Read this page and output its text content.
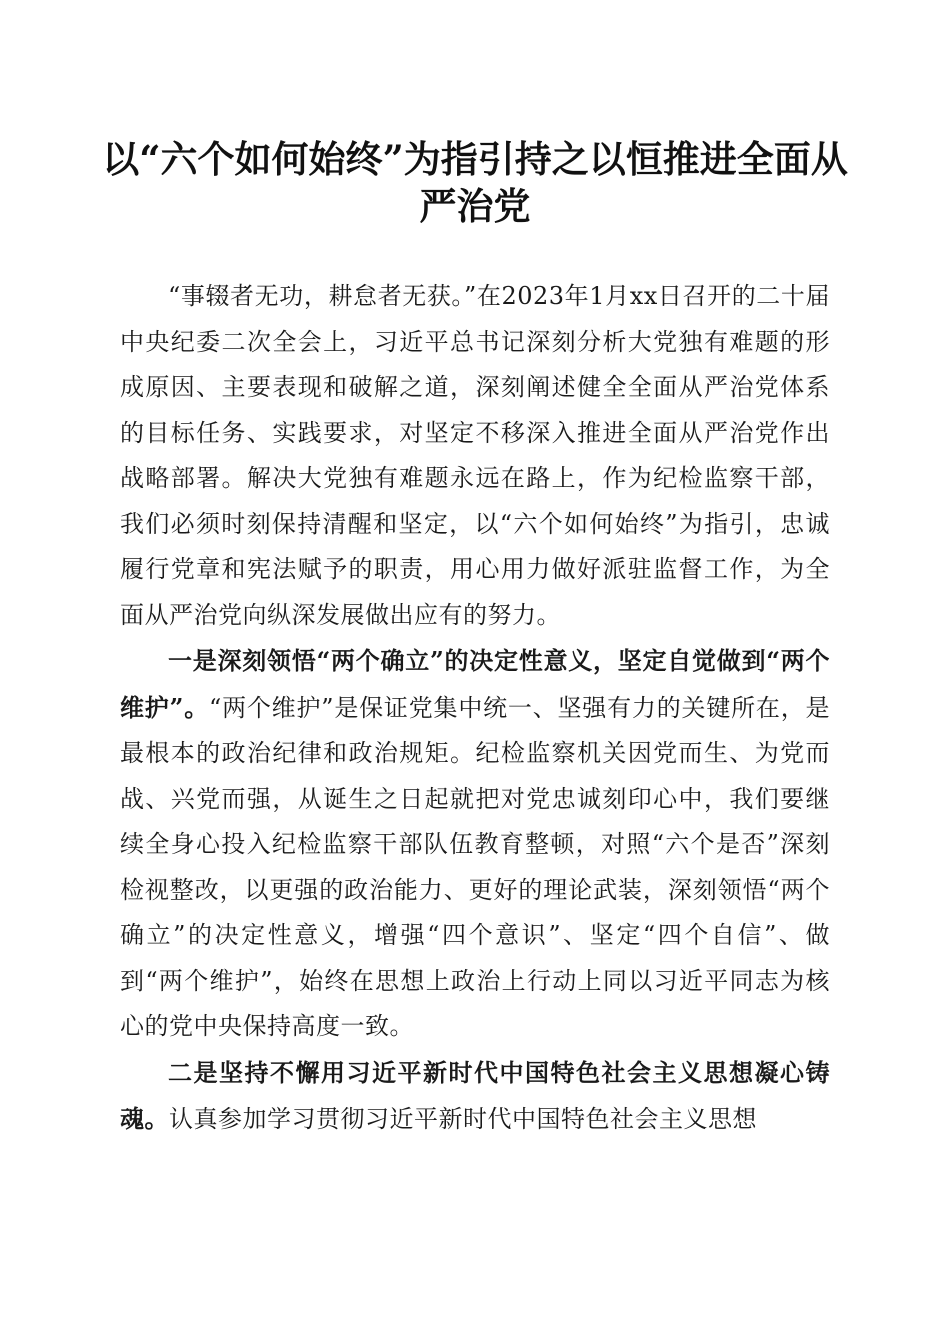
以“六个如何始终”为指引持之以恒推进全面从严治党

“事辍者无功，耕怠者无获。”在2023年1月xx日召开的二十届中央纪委二次全会上，习近平总书记深刻分析大党独有难题的形成原因、主要表现和破解之道，深刻阐述健全全面从严治党体系的目标任务、实践要求，对坚定不移深入推进全面从严治党作出战略部署。解决大党独有难题永远在路上，作为纪检监察干部，我们必须时刻保持清醒和坚定，以“六个如何始终”为指引，忠诚履行党章和宪法赋予的职责，用心用力做好派驻监督工作，为全面从严治党向纵深发展做出应有的努力。

一是深刻领悟“两个确立”的决定性意义，坚定自觉做到“两个维护”。“两个维护”是保证党集中统一、坚强有力的关键所在，是最根本的政治纪律和政治规矩。纪检监察机关因党而生、为党而战、兴党而强，从诞生之日起就把对党忠诚刻印心中，我们要继续全身心投入纪检监察干部队伍教育整顿，对照“六个是否”深刻检视整改，以更强的政治能力、更好的理论武装，深刻领悟“两个确立”的决定性意义，增强“四个意识”、坚定“四个自信”、做到“两个维护”，始终在思想上政治上行动上同以习近平同志为核心的党中央保持高度一致。

二是坚持不懈用习近平新时代中国特色社会主义思想凝心铸魂。认真参加学习贯彻习近平新时代中国特色社会主义思想
